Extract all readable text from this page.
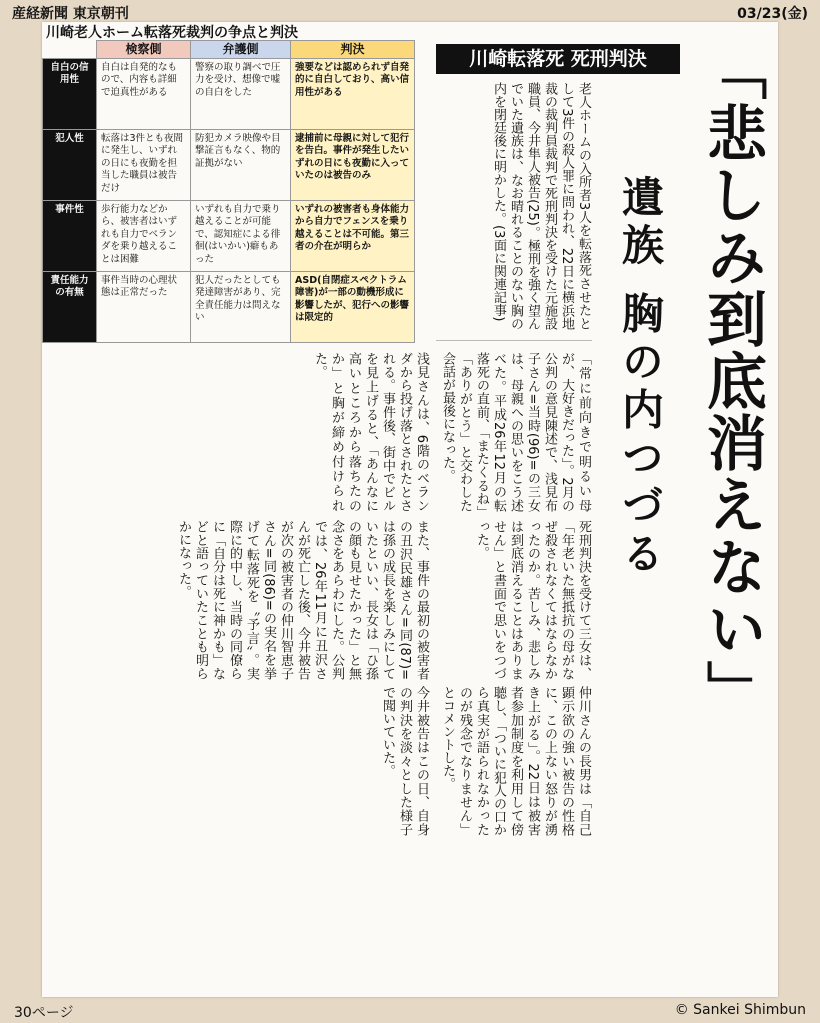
産経新聞 東京朝刊	03/23(金)
川崎老人ホーム転落死裁判の争点と判決
	検察側	弁護側	判決
自白の信用性	自白は自発的なもので、内容も詳細で迫真性がある	警察の取り調べで圧力を受け、想像で嘘の自白をした	強要などは認められず自発的に自白しており、高い信用性がある

犯人性	転落は3件とも夜間に発生し、いずれの日にも夜勤を担当した職員は被告だけ	防犯カメラ映像や目撃証言もなく、物的証拠がない	逮捕前に母親に対して犯行を告白。事件が発生したいずれの日にも夜勤に入っていたのは被告のみ

事件性	歩行能力などから、被害者はいずれも自力でベランダを乗り越えることは困難	いずれも自力で乗り越えることが可能で、認知症による徘徊(はいかい)癖もあった	いずれの被害者も身体能力から自力でフェンスを乗り越えることは不可能。第三者の介在が明らか

責任能力の有無	事件当時の心理状態は正常だった	犯人だったとしても発達障害があり、完全責任能力は問えない	ASD(自閉症スペクトラム障害)が一部の動機形成に影響したが、犯行への影響は限定的
川崎転落死 死刑判決 「悲しみ到底消えない」
遺族 胸の内つづる
老人ホームの入所者3人を転落死させたとして3件の殺人罪に問われ、22日に横浜地裁の裁判員裁判で死刑判決を受けた元施設職員、今井隼人被告(25)。極刑を強く望んでいた遺族は、なお晴れることのない胸の内を閉廷後に明かした。(3面に関連記事)
「常に前向きで明るい母が、大好きだった」。2月の公判の意見陳述で、浅見布子さん=当時(96)=の三女は、母親への思いをこう述べた。平成26年12月の転落死の直前、「またくるね」「ありがとう」と交わした会話が最後になった。
浅見さんは、6階のベランダから投げ落とされたとされる。事件後、街中でビルを見上げると、「あんなに高いところから落ちたのか」と胸が締め付けられた。
死刑判決を受けて三女は、「年老いた無抵抗の母がなぜ殺されなくてはならなかったのか。苦しみ、悲しみは到底消えることはありません」と書面で思いをつづった。
また、事件の最初の被害者の丑沢民雄さん=同(87)=は孫の成長を楽しみにしていたといい、長女は「ひ孫の顔も見せたかった」と無念さをあらわにした。公判では、26年11月に丑沢さんが死亡した後、今井被告が次の被害者の仲川智恵子さん=同(86)=の実名を挙げて転落死を〝予言〟。実際に的中し、当時の同僚らに「自分は死に神かも」などと語っていたことも明らかになった。
仲川さんの長男は「自己顕示欲の強い被告の性格に、この上ない怒りが湧き上がる」。22日は被害者参加制度を利用して傍聴し、「ついに犯人の口から真実が語られなかったのが残念でなりません」とコメントした。
今井被告はこの日、自身の判決を淡々とした様子で聞いていた。
30ページ	© Sankei Shimbun
